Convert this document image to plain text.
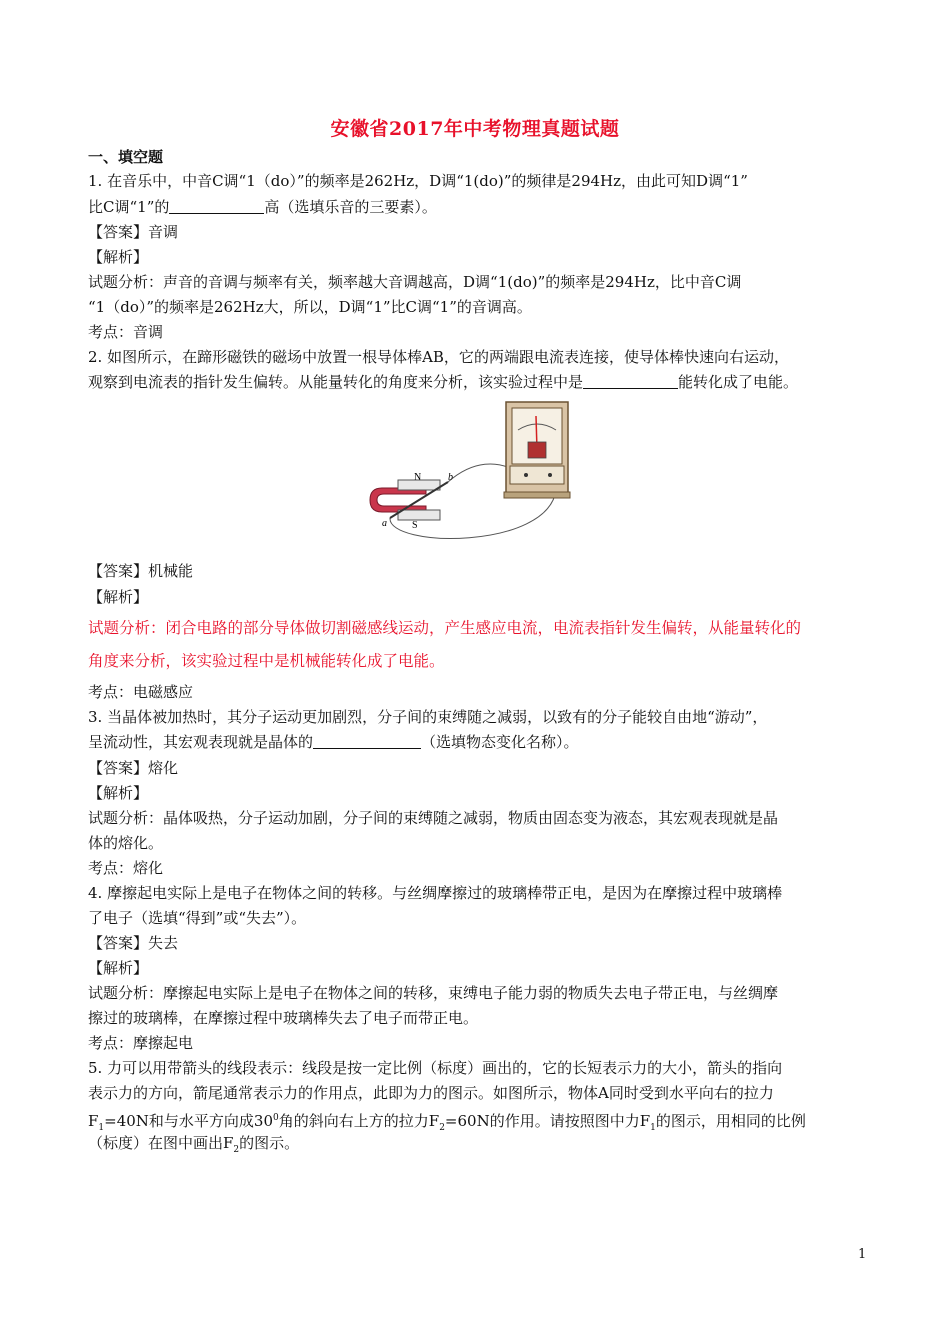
安徽省2017年中考物理真题试题
一、填空题
1. 在音乐中，中音C调“1（do）”的频率是262Hz，D调“1(do)”的频律是294Hz，由此可知D调“1”
比C调“1”的	高（选填乐音的三要素）。
【答案】音调
【解析】
试题分析：声音的音调与频率有关，频率越大音调越高，D调“1(do)”的频率是294Hz，比中音C调
“1（do）”的频率是262Hz大，所以，D调“1”比C调“1”的音调高。
考点：音调
2. 如图所示，在蹄形磁铁的磁场中放置一根导体棒AB，它的两端跟电流表连接，使导体棒快速向右运动，
观察到电流表的指针发生偏转。从能量转化的角度来分析，该实验过程中是	能转化成了电能。
N
S
a
b
【答案】机械能
【解析】
试题分析：闭合电路的部分导体做切割磁感线运动，产生感应电流，电流表指针发生偏转，从能量转化的
角度来分析，该实验过程中是机械能转化成了电能。
考点：电磁感应
3. 当晶体被加热时，其分子运动更加剧烈，分子间的束缚随之减弱，以致有的分子能较自由地“游动”，
呈流动性，其宏观表现就是晶体的	（选填物态变化名称）。
【答案】熔化
【解析】
试题分析：晶体吸热，分子运动加剧，分子间的束缚随之减弱，物质由固态变为液态，其宏观表现就是晶
体的熔化。
考点：熔化
4. 摩擦起电实际上是电子在物体之间的转移。与丝绸摩擦过的玻璃棒带正电，是因为在摩擦过程中玻璃棒
了电子（选填“得到”或“失去”）。
【答案】失去
【解析】
试题分析：摩擦起电实际上是电子在物体之间的转移，束缚电子能力弱的物质失去电子带正电，与丝绸摩
擦过的玻璃棒，在摩擦过程中玻璃棒失去了电子而带正电。
考点：摩擦起电
5. 力可以用带箭头的线段表示：线段是按一定比例（标度）画出的，它的长短表示力的大小，箭头的指向
表示力的方向，箭尾通常表示力的作用点，此即为力的图示。如图所示，物体A同时受到水平向右的拉力
$F_1=40N$和与水平方向成$30^0$角的斜向右上方的拉力$F_2=60N$的作用。请按照图中力$F_1$的图示，用相同的比例
（标度）在图中画出$F_2$的图示。
1
